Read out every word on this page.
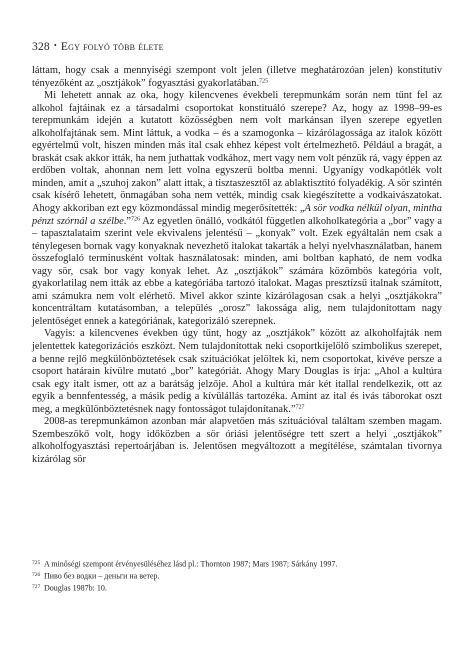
328 • Egy folyó több élete

láttam, hogy csak a mennyiségi szempont volt jelen (illetve meghatározóan jelen) konstitutív tényezőként az „osztjákok” fogyasztási gyakorlatában.$^{725}$

Mi lehetett annak az oka, hogy kilencvenes évekbeli terepmunkám során nem tűnt fel az alkohol fajtáinak ez a társadalmi csoportokat konstituáló szerepe? Az, hogy az 1998–99-es terepmunkám idején a kutatott közösségben nem volt markánsan ilyen szerepe egyetlen alkoholfajtának sem. Mint láttuk, a vodka – és a szamogonka – kizárólagossága az italok között egyértelmű volt, hiszen minden más ital csak ehhez képest volt értelmezhető. Például a bragát, a braskát csak akkor itták, ha nem juthattak vodkához, mert vagy nem volt pénzük rá, vagy éppen az erdőben voltak, ahonnan nem lett volna egyszerű boltba menni. Ugyanígy vodkapótlék volt minden, amit a „szuhoj zakon” alatt ittak, a tisztaszesztől az ablaktisztító folyadékig. A sör szintén csak kísérő lehetett, önmagában soha nem vették, mindig csak kiegészítette a vodkaivászatokat. Ahogy akkoriban ezt egy közmondással mindig megerősítették: „A sör vodka nélkül olyan, mintha pénzt szórnál a szélbe.”$^{726}$ Az egyetlen önálló, vodkától független alkoholkategória a „bor” vagy a – tapasztalataim szerint vele ekvivalens jelentésű – „konyak” volt. Ezek egyáltalán nem csak a ténylegesen bornak vagy konyaknak nevezhető italokat takarták a helyi nyelvhasználatban, hanem összefoglaló terminusként voltak használatosak: minden, ami boltban kapható, de nem vodka vagy sör, csak bor vagy konyak lehet. Az „osztjákok” számára közömbös kategória volt, gyakorlatilag nem itták az ebbe a kategóriába tartozó italokat. Magas presztízsű italnak számított, ami számukra nem volt elérhető. Mivel akkor szinte kizárólagosan csak a helyi „osztjákokra” koncentráltam kutatásomban, a település „orosz” lakossága alig, nem tulajdonítottam nagy jelentőséget ennek a kategóriának, kategorizáló szerepnek.

Vagyis: a kilencvenes években úgy tűnt, hogy az „osztjákok” között az alkoholfajták nem jelentettek kategorizációs eszközt. Nem tulajdonítottak neki csoportkijelölő szimbolikus szerepet, a benne rejlő megkülönböztetések csak szituációkat jelöltek ki, nem csoportokat, kivéve persze a csoport határain kívülre mutató „bor” kategóriát. Ahogy Mary Douglas is írja: „Ahol a kultúra csak egy italt ismer, ott az a barátság jelzője. Ahol a kultúra már két itallal rendelkezik, ott az egyik a bennfentesség, a másik pedig a kívülállás tartozéka. Amint az ital és ivás táborokat oszt meg, a megkülönböztetésnek nagy fontosságot tulajdonítanak.”$^{727}$

2008-as terepmunkámon azonban már alapvetően más szituációval találtam szemben magam. Szembeszökő volt, hogy időközben a sör óriási jelentőségre tett szert a helyi „osztjákok” alkoholfogyasztási repertoárjában is. Jelentősen megváltozott a megítélése, számtalan tivornya kizárólag sör

725 A minőségi szempont érvényesüléséhez lásd pl.: Thornton 1987; Mars 1987; Sárkány 1997.

726 Пиво без водки – деньги на ветер.

727 Douglas 1987b: 10.
